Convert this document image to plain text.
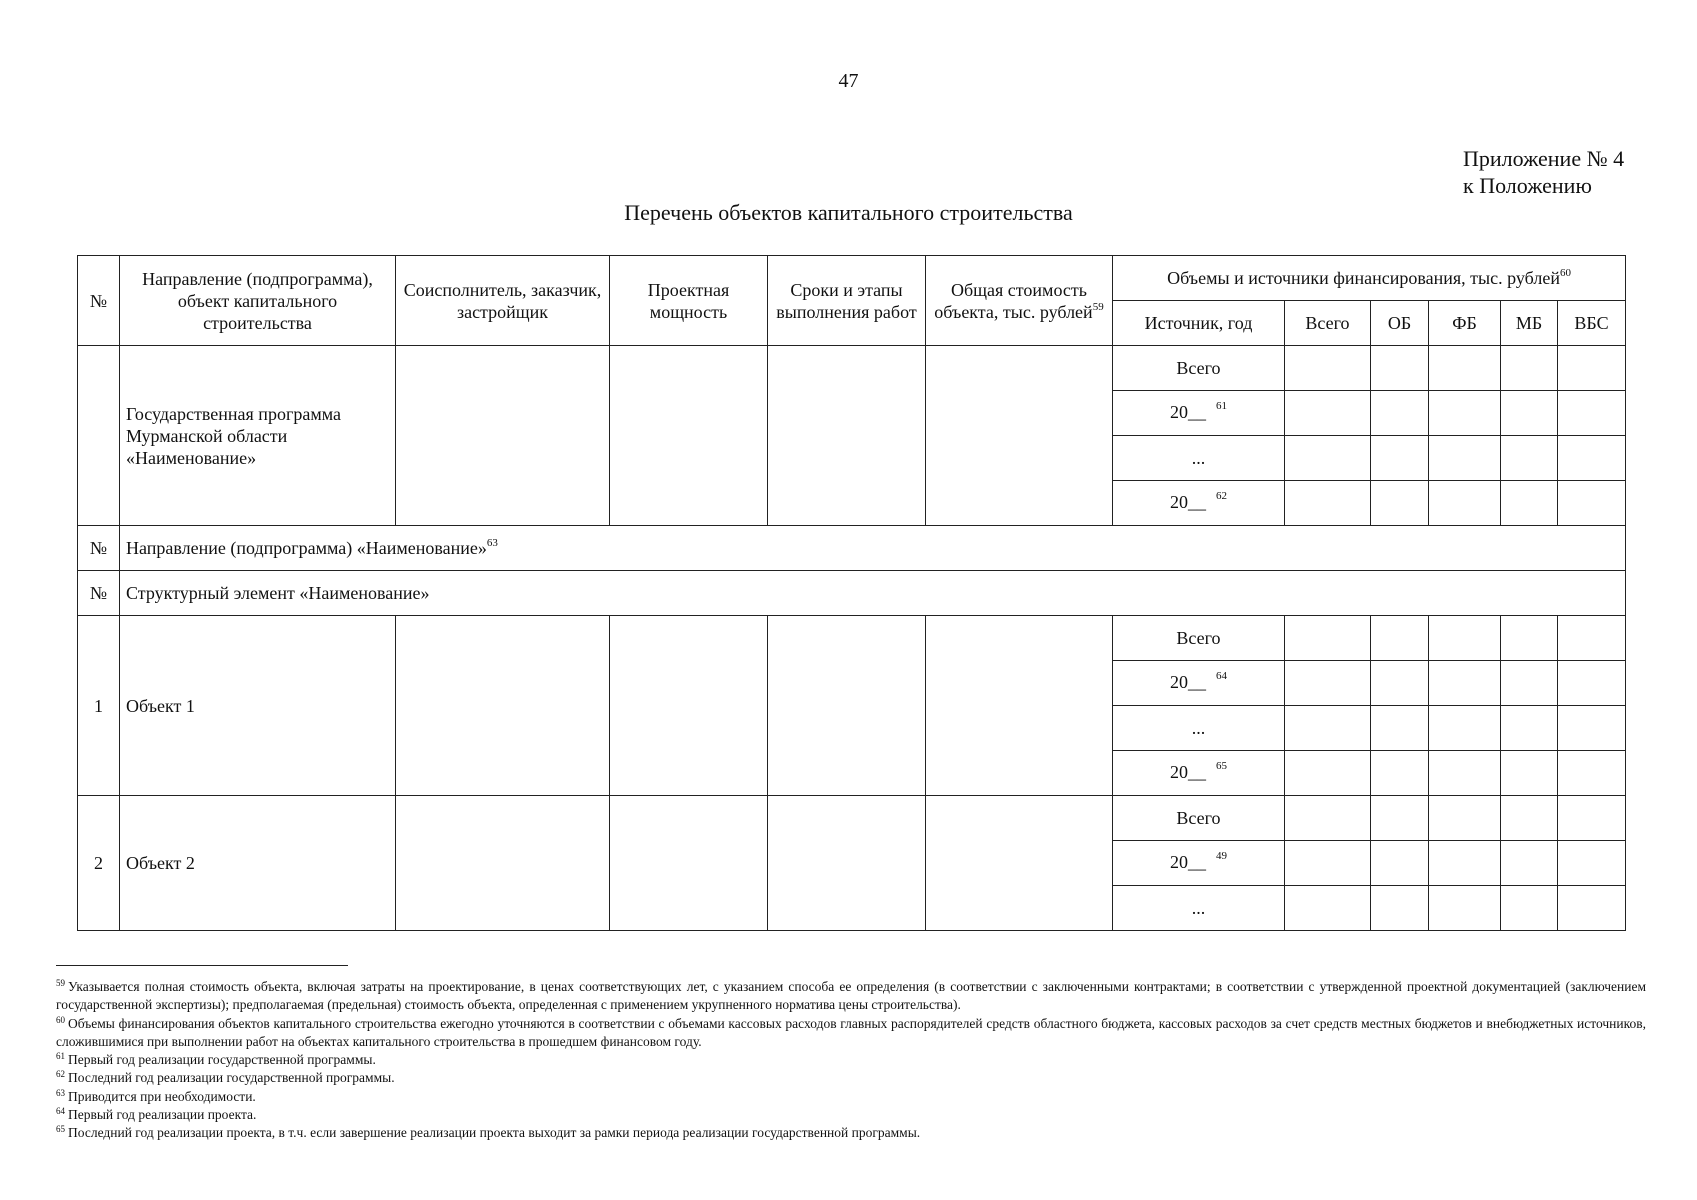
47
Приложение № 4
к Положению
Перечень объектов капитального строительства
№	Направление (подпрограмма), объект капитального строительства	Соисполнитель, заказчик, застройщик	Проектная мощность	Сроки и этапы выполнения работ	Общая стоимость объекта, тыс. рублей$^{59}$	Объемы и источники финансирования, тыс. рублей$^{60}$
						Источник, год	Всего	ОБ	ФБ	МБ	ВБС
	Государственная программа Мурманской области «Наименование»					Всего					
						20__ $^{61}$					
						...					
						20__ $^{62}$					
№	Направление (подпрограмма) «Наименование»$^{63}$
№	Структурный элемент «Наименование»										
1	Объект 1					Всего					
						20__ $^{64}$					
						...					
						20__ $^{65}$					
2	Объект 2					Всего					
						20__ $^{49}$					
						...					

$^{59}$ Указывается полная стоимость объекта, включая затраты на проектирование, в ценах соответствующих лет, с указанием способа ее определения (в соответствии с заключенными контрактами; в соответствии с утвержденной проектной документацией (заключением государственной экспертизы); предполагаемая (предельная) стоимость объекта, определенная с применением укрупненного норматива цены строительства).

$^{60}$ Объемы финансирования объектов капитального строительства ежегодно уточняются в соответствии с объемами кассовых расходов главных распорядителей средств областного бюджета, кассовых расходов за счет средств местных бюджетов и внебюджетных источников, сложившимися при выполнении работ на объектах капитального строительства в прошедшем финансовом году.

$^{61}$ Первый год реализации государственной программы.

$^{62}$ Последний год реализации государственной программы.

$^{63}$ Приводится при необходимости.

$^{64}$ Первый год реализации проекта.

$^{65}$ Последний год реализации проекта, в т.ч. если завершение реализации проекта выходит за рамки периода реализации государственной программы.
